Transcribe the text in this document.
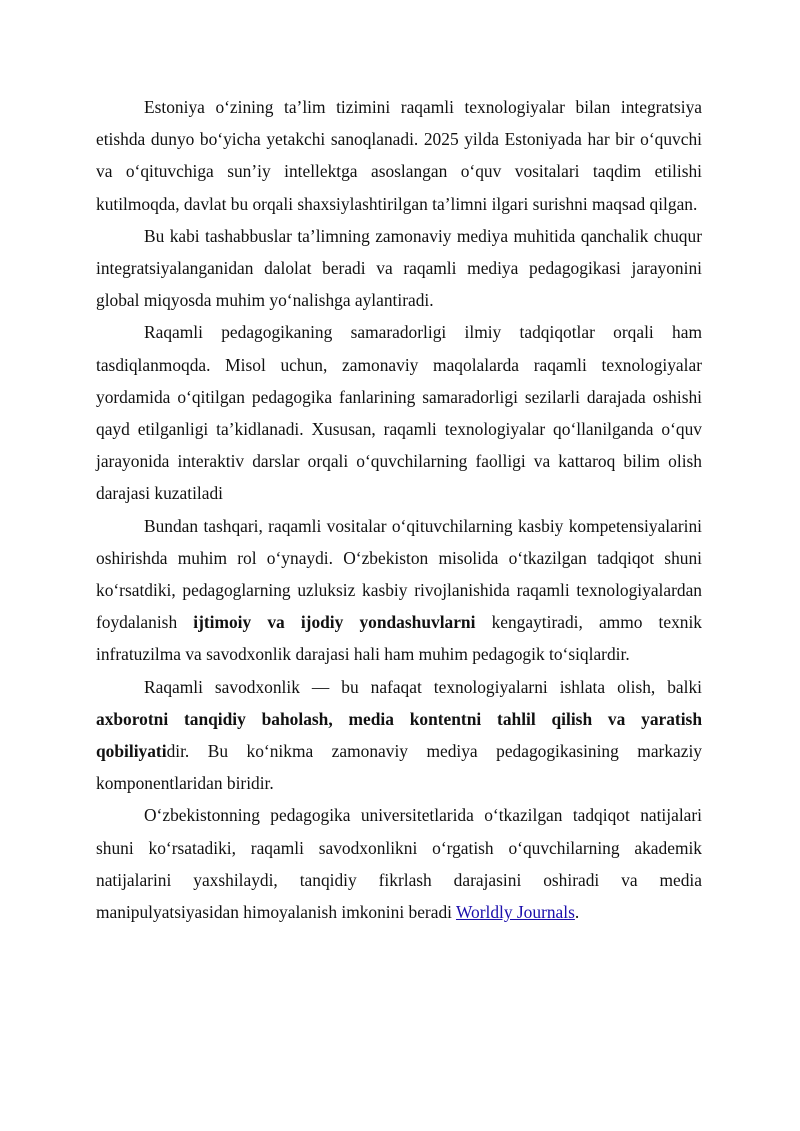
Estoniya o‘zining ta’lim tizimini raqamli texnologiyalar bilan integratsiya etishda dunyo bo‘yicha yetakchi sanoqlanadi. 2025 yilda Estoniyada har bir o‘quvchi va o‘qituvchiga sun’iy intellektga asoslangan o‘quv vositalari taqdim etilishi kutilmoqda, davlat bu orqali shaxsiylashtirilgan ta’limni ilgari surishni maqsad qilgan.

Bu kabi tashabbuslar ta’limning zamonaviy mediya muhitida qanchalik chuqur integratsiyalanganidan dalolat beradi va raqamli mediya pedagogikasi jarayonini global miqyosda muhim yo‘nalishga aylantiradi.

Raqamli pedagogikaning samaradorligi ilmiy tadqiqotlar orqali ham tasdiqlanmoqda. Misol uchun, zamonaviy maqolalarda raqamli texnologiyalar yordamida o‘qitilgan pedagogika fanlarining samaradorligi sezilarli darajada oshishi qayd etilganligi ta’kidlanadi. Xususan, raqamli texnologiyalar qo‘llanilganda o‘quv jarayonida interaktiv darslar orqali o‘quvchilarning faolligi va kattaroq bilim olish darajasi kuzatiladi

Bundan tashqari, raqamli vositalar o‘qituvchilarning kasbiy kompetensiyalarini oshirishda muhim rol o‘ynaydi. O‘zbekiston misolida o‘tkazilgan tadqiqot shuni ko‘rsatdiki, pedagoglarning uzluksiz kasbiy rivojlanishida raqamli texnologiyalardan foydalanish ijtimoiy va ijodiy yondashuvlarni kengaytiradi, ammo texnik infratuzilma va savodxonlik darajasi hali ham muhim pedagogik to‘siqlardir.

Raqamli savodxonlik — bu nafaqat texnologiyalarni ishlata olish, balki axborotni tanqidiy baholash, media kontentni tahlil qilish va yaratish qobiliyatidir. Bu ko‘nikma zamonaviy mediya pedagogikasining markaziy komponentlaridan biridir.

O‘zbekistonning pedagogika universitetlarida o‘tkazilgan tadqiqot natijalari shuni ko‘rsatadiki, raqamli savodxonlikni o‘rgatish o‘quvchilarning akademik natijalarini yaxshilaydi, tanqidiy fikrlash darajasini oshiradi va media manipulyatsiyasidan himoyalanish imkonini beradi Worldly Journals.
